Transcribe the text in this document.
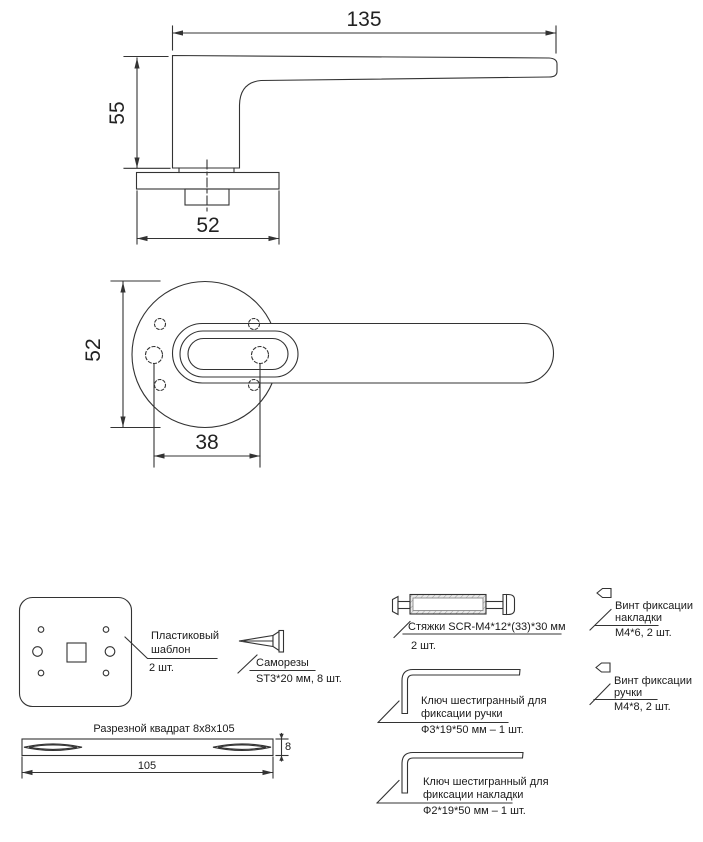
135
55
52
52
38
Пластиковый
шаблон
2 шт.	Саморезы
ST3*20 мм, 8 шт.
Стяжки SCR-M4*12*(33)*30 мм
2 шт.
Винт фиксации
накладки
M4*6, 2 шт.
Винт фиксации
ручки
M4*8, 2 шт.
Ключ шестигранный для
фиксации ручки
Ф3*19*50 мм – 1 шт.
Ключ шестигранный для
фиксации накладки
Ф2*19*50 мм – 1 шт.
Разрезной квадрат 8x8x105
8
105
